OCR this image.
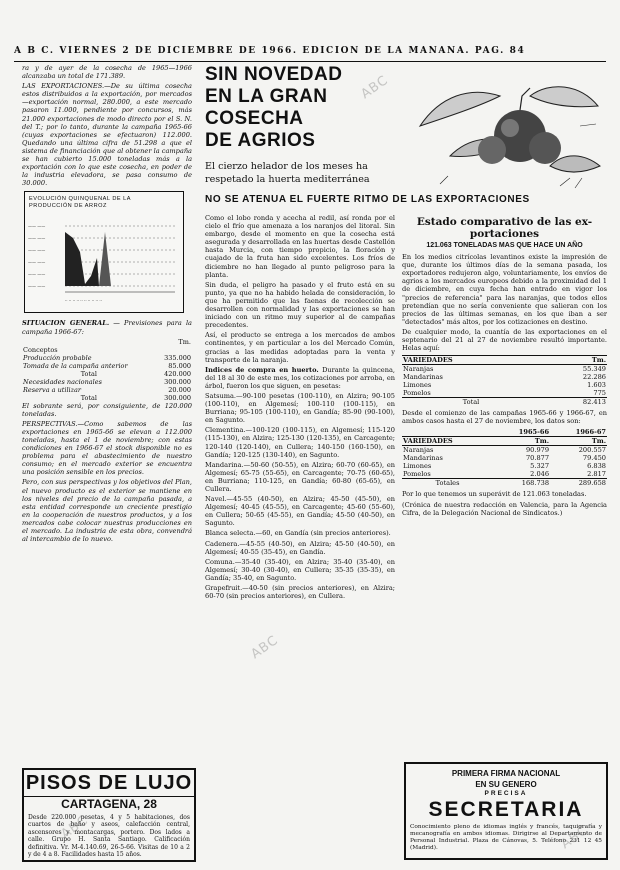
A B C. VIERNES 2 DE DICIEMBRE DE 1966. EDICION DE LA MAÑANA. PAG. 84

ra y de ayer de la cosecha de 1965—1966 alcanzaba un total de 171.389.

LAS EXPORTACIONES.—De su última cosecha estos distribuidos a la exportación, por mercados—exportación normal, 280.000, a este mercado pasaron 11.000, pendiente por concursos, más 21.000 exportaciones de modo directo por el S. N. del T.; por lo tanto, durante la campaña 1965-66 (cuyas exportaciones se efectuaron) 112.000. Quedando una última cifra de 51.298 a que el sistema de financiación que al obtener la campaña se han cubierto 15.000 toneladas más a la exportación con lo que este cosecha, en poder de la industria elevadora, se pasa consumo de 30.000.

EVOLUCIÓN QUINQUENAL DE LA
PRODUCCIÓN DE ARROZ
—— ——
—— ——
—— ——
—— ——
—— ——
—— ——
·· ·· ·· ·· ·· ·· ·· ·· ·· ··

SITUACION GENERAL. — Previsiones para la campaña 1966-67:

	Tm.
Conceptos	
Producción probable	335.000
Tomada de la campaña anterior	85.000
Total	420.000
Necesidades nacionales	300.000
Reserva a utilizar	20.000
Total	300.000

El sobrante será, por consiguiente, de 120.000 toneladas.

PERSPECTIVAS.—Como sabemos de las exportaciones en 1965-66 se elevan a 112.000 toneladas, hasta el 1 de noviembre; con estas condiciones en 1966-67 el stock disponible no es problema para el abastecimiento de nuestro consumo; en el mercado exterior se encuentra una posición sensible en los precios.

Pero, con sus perspectivas y los objetivos del Plan, el nuevo producto es el exterior se mantiene en los niveles del precio de la campaña pasada, a esta entidad corresponde un creciente prestigio en la cooperación de nuestros productos, y a los mercados cabe colocar nuestras producciones en el mercado. La industria de esta obra, convendrá al intercambio de lo nuevo.

PISOS DE LUJO
CARTAGENA, 28
Desde 220.000 pesetas, 4 y 5 habitaciones, dos cuartos de baño y aseos, calefacción central, ascensores y montacargas, portero. Dos lados a calle. Grupo H. Santa Santiago. Calificación definitiva. Vr. M-4.140.69, 26-5-66. Visitas de 10 a 2 y de 4 a 8. Facilidades hasta 15 años.
SIN NOVEDAD
EN LA GRAN
COSECHA
DE AGRIOS
El cierzo helador de los meses ha respetado la huerta mediterránea
NO SE ATENUA EL FUERTE RITMO DE LAS EXPORTACIONES

Como el lobo ronda y acecha al redil, así ronda por el cielo el frío que amenaza a los naranjos del litoral. Sin embargo, desde el momento en que la cosecha está asegurada y desarrollada en las huertas desde Castellón hasta Murcia, con tiempo propicio, la floración y cuajado de la fruta han sido excelentes. Los fríos de diciembre no han llegado al punto peligroso para la planta.

Sin duda, el peligro ha pasado y el fruto está en su punto, ya que no ha habido helada de consideración, lo que ha permitido que las faenas de recolección se desarrollen con normalidad y las exportaciones se han iniciado con un ritmo muy superior al de campañas precedentes.

Así, el producto se entrega a los mercados de ambos continentes, y en particular a los del Mercado Común, gracias a las medidas adoptadas para la venta y transporte de la naranja.

Indices de compra en huerto. Durante la quincena, del 18 al 30 de este mes, los cotizaciones por arroba, en árbol, fueron los que siguen, en pesetas:

Satsuma.—90-100 pesetas (100-110), en Alzira; 90-105 (100-110), en Algemesí; 100-110 (100-115), en Burriana; 95-105 (100-110), en Gandía; 85-90 (90-100), en Sagunto.

Clementina.—100-120 (100-115), en Algemesí; 115-120 (115-130), en Alzira; 125-130 (120-135), en Carcagente; 120-140 (120-140), en Cullera; 140-150 (160-150), en Gandía; 120-125 (130-140), en Sagunto.

Mandarina.—50-60 (50-55), en Alzira; 60-70 (60-65), en Algemesí; 65-75 (55-65), en Carcagente; 70-75 (60-65), en Burriana; 110-125, en Gandía; 60-80 (65-65), en Cullera.

Navel.—45-55 (40-50), en Alzira; 45-50 (45-50), en Algemesí; 40-45 (45-55), en Carcagente; 45-60 (55-60), en Cullera; 50-65 (45-55), en Gandía; 45-50 (40-50), en Sagunto.

Blanca selecta.—60, en Gandía (sin precios anteriores).

Cadenera.—45-55 (40-50), en Alzira; 45-50 (40-50), en Algemesí; 40-55 (35-45), en Gandía.

Comuna.—35-40 (35-40), en Alzira; 35-40 (35-40), en Algemesí; 30-40 (30-40), en Cullera; 35-35 (35-35), en Gandía; 35-40, en Sagunto.

Grapefruit.—40-50 (sin precios anteriores), en Alzira; 60-70 (sin precios anteriores), en Cullera.

Estado comparativo de las ex-
portaciones
121.063 TONELADAS MAS QUE HACE UN AÑO

En los medios citrícolas levantinos existe la impresión de que, durante los últimos días de la semana pasada, los exportadores redujeron algo, voluntariamente, los envíos de agrios a los mercados europeos debido a la proximidad del 1 de diciembre, en cuya fecha han entrado en vigor los "precios de referencia" para las naranjas, que todos ellos pretendían que no sería conveniente que salieran con los precios de las últimas semanas, en los que iban a ser "detectados" más altos, por los cotizaciones en destino.

De cualquier modo, la cuantía de las exportaciones en el septenario del 21 al 27 de noviembre resultó importante. Helas aquí:

VARIEDADES	Tm.
Naranjas	55.349
Mandarinas	22.286
Limones	1.603
Pomelos	775
Total	82.413

Desde el comienzo de las campañas 1965-66 y 1966-67, en ambos casos hasta el 27 de noviembre, los datos son:

	1965-66	1966-67
VARIEDADES	Tm.	Tm.
Naranjas	90.979	200.557
Mandarinas	70.877	79.450
Limones	5.327	6.838
Pomelos	2.046	2.817
Totales	168.738	289.658

Por lo que tenemos un superávit de 121.063 toneladas.

(Crónica de nuestra redacción en Valencia, para la Agencia Cifra, de la Delegación Nacional de Sindicatos.)

PRIMERA FIRMA NACIONAL
EN SU GENERO
PRECISA
SECRETARIA
Conocimiento pleno de idiomas inglés y francés, taquigrafía y mecanografía en ambos idiomas. Dirigirse al Departamento de Personal Industrial. Plaza de Cánovas, 5. Teléfono 231 12 45 (Madrid).
ABC
ABC
ABC
ABC
